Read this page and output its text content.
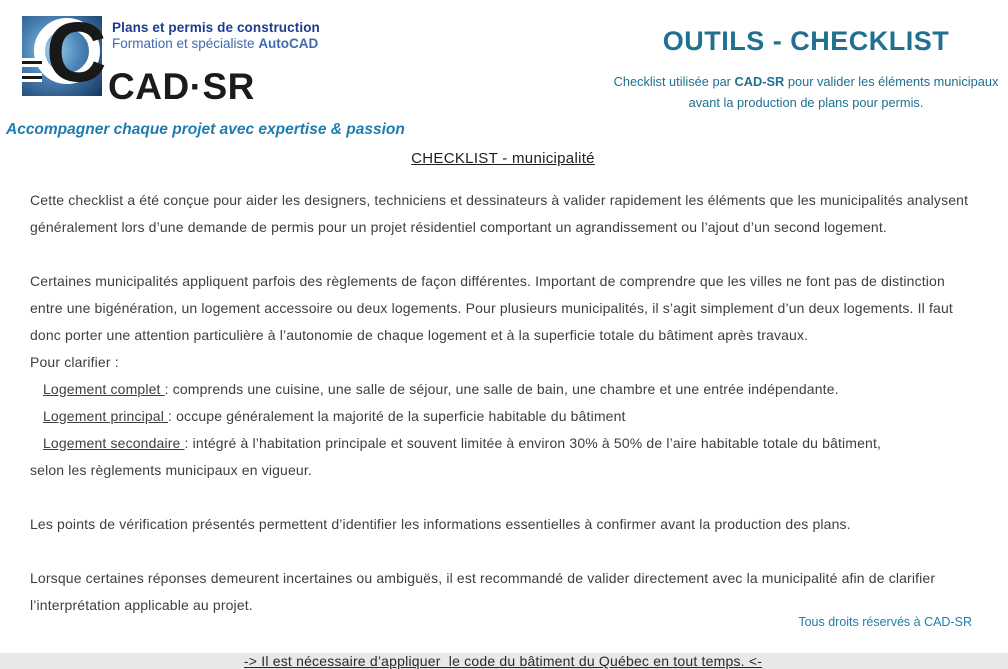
C Plans et permis de construction
Formation et spécialiste AutoCAD
CAD·SR
Accompagner chaque projet avec expertise & passion
OUTILS - CHECKLIST

Checklist utilisée par CAD-SR pour valider les éléments municipaux avant la production de plans pour permis.

CHECKLIST - municipalité

Cette checklist a été conçue pour aider les designers, techniciens et dessinateurs à valider rapidement les éléments que les municipalités analysent généralement lors d’une demande de permis pour un projet résidentiel comportant un agrandissement ou l’ajout d’un second logement.

Certaines municipalités appliquent parfois des règlements de façon différentes. Important de comprendre que les villes ne font pas de distinction entre une bigénération, un logement accessoire ou deux logements. Pour plusieurs municipalités, il s’agit simplement d’un deux logements. Il faut donc porter une attention particulière à l’autonomie de chaque logement et à la superficie totale du bâtiment après travaux.

Pour clarifier :

Logement complet : comprends une cuisine, une salle de séjour, une salle de bain, une chambre et une entrée indépendante.

Logement principal : occupe généralement la majorité de la superficie habitable du bâtiment

Logement secondaire : intégré à l’habitation principale et souvent limitée à environ 30% à 50% de l’aire habitable totale du bâtiment,

selon les règlements municipaux en vigueur.

Les points de vérification présentés permettent d’identifier les informations essentielles à confirmer avant la production des plans.

Lorsque certaines réponses demeurent incertaines ou ambiguës, il est recommandé de valider directement avec la municipalité afin de clarifier l’interprétation applicable au projet.

-> Il est nécessaire d’appliquer  le code du bâtiment du Québec en tout temps. <-

Tous droits réservés à CAD-SR
